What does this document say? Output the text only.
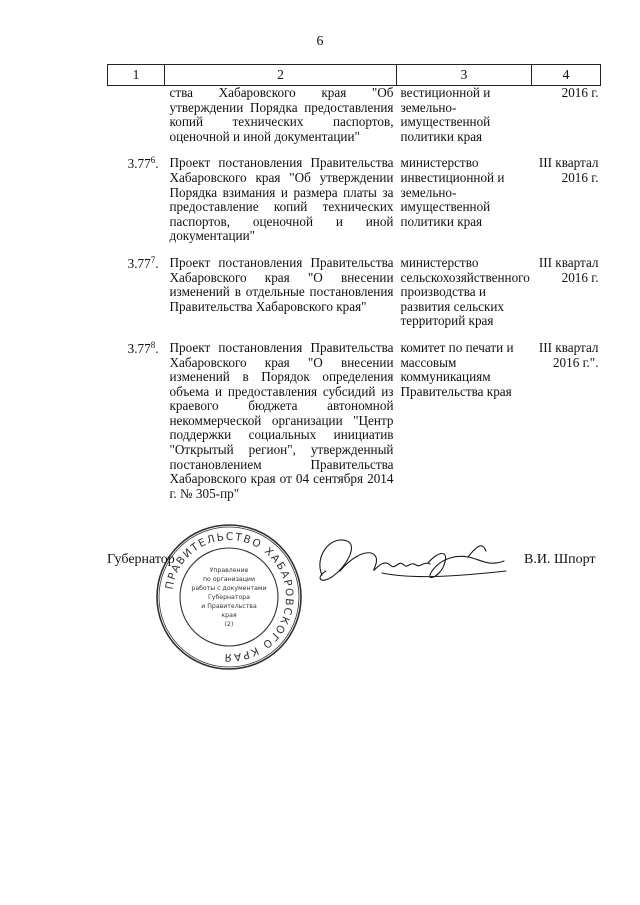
6
1	2	3	4
	ства Хабаровского края "Об утверждении Порядка предоставления копий технических паспортов, оценочной и иной документации"	вестиционной и земельно-имущественной политики края	2016 г.
3.77$^6$.	Проект постановления Правительства Хабаровского края "Об утверждении Порядка взимания и размера платы за предоставление копий технических паспортов, оценочной и иной документации"	министерство инвестиционной и земельно-имущественной политики края	III квартал 2016 г.
3.77$^7$.	Проект постановления Правительства Хабаровского края "О внесении изменений в отдельные постановления Правительства Хабаровского края"	министерство сельскохозяйственного производства и развития сельских территорий края	III квартал 2016 г.
3.77$^8$.	Проект постановления Правительства Хабаровского края "О внесении изменений в Порядок определения объема и предоставления субсидий из краевого бюджета автономной некоммерческой организации "Центр поддержки социальных инициатив "Открытый регион", утвержденный постановлением Правительства Хабаровского края от 04 сентября 2014 г. № 305-пр"	комитет по печати и массовым коммуникациям Правительства края	III квартал 2016 г.".
Губернатор
ПРАВИТЕЛЬСТВО ХАБАРОВСКОГО КРАЯ
Управление
по организации
работы с документами
Губернатора
и Правительства
края
(2)
В.И. Шпорт
